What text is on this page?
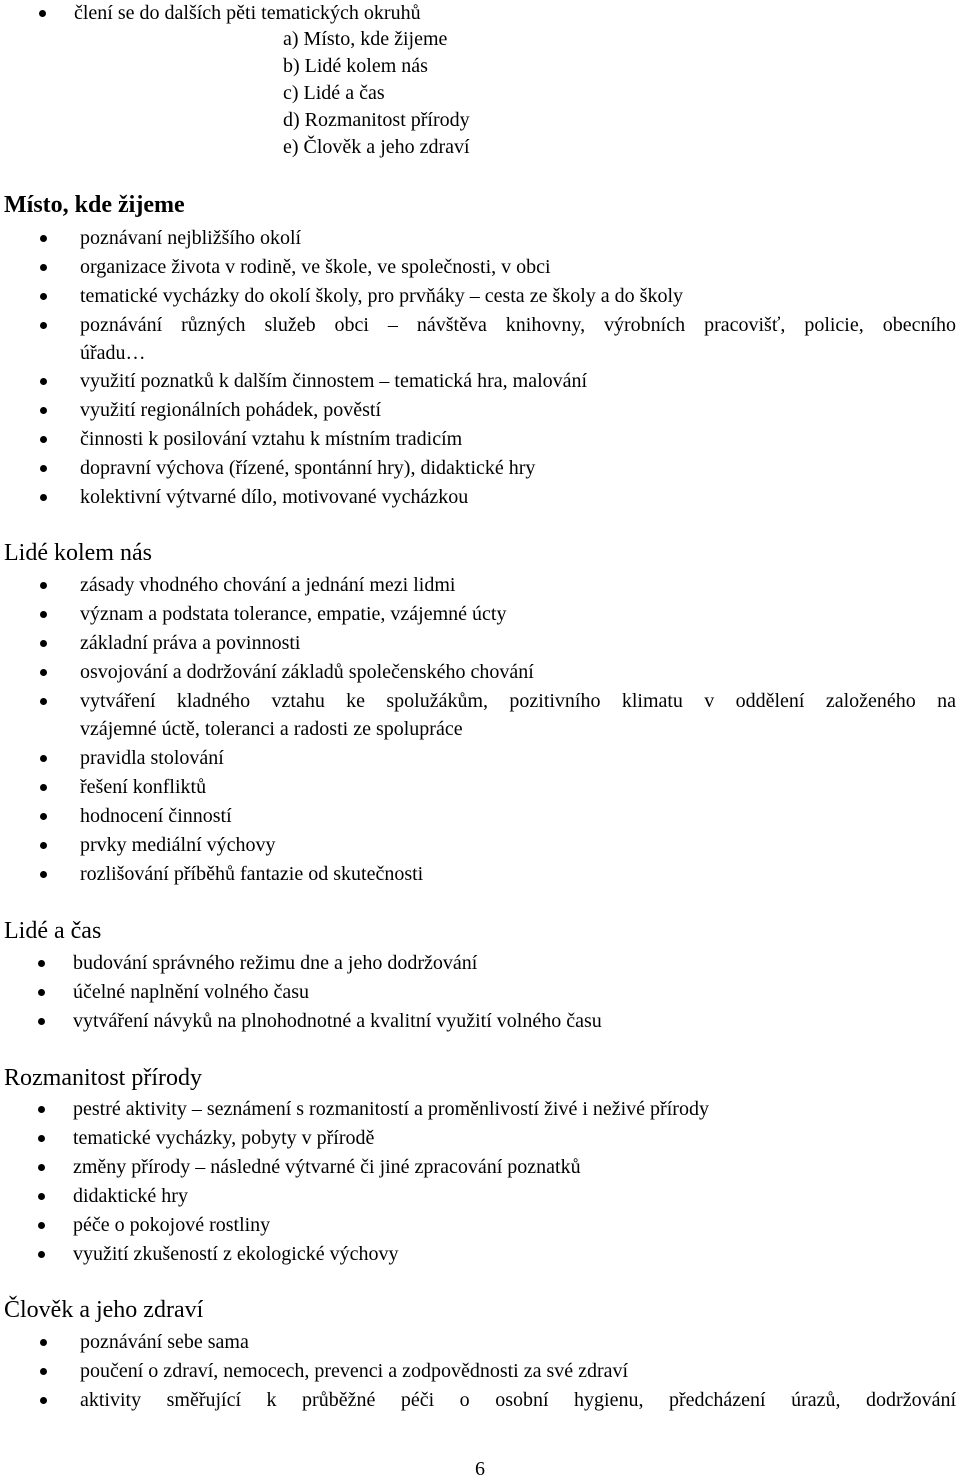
člení se do dalších pěti tematických okruhů
a) Místo, kde žijeme
b) Lidé kolem nás
c) Lidé a čas
d) Rozmanitost přírody
e) Člověk a jeho zdraví
Místo, kde žijeme
poznávaní nejbližšího okolí
organizace života v rodině, ve škole, ve společnosti, v obci
tematické vycházky do okolí školy, pro prvňáky – cesta ze školy a do školy
poznávání různých služeb obci – návštěva knihovny, výrobních pracovišť, policie, obecního
úřadu…
využití poznatků k dalším činnostem – tematická hra, malování
využití regionálních pohádek, pověstí
činnosti k posilování vztahu k místním tradicím
dopravní výchova (řízené, spontánní hry), didaktické hry
kolektivní výtvarné dílo, motivované vycházkou
Lidé kolem nás
zásady vhodného chování a jednání mezi lidmi
význam a podstata tolerance, empatie, vzájemné úcty
základní práva a povinnosti
osvojování a dodržování základů společenského chování
vytváření kladného vztahu ke spolužákům, pozitivního klimatu v oddělení založeného na
vzájemné úctě, toleranci a radosti ze spolupráce
pravidla stolování
řešení konfliktů
hodnocení činností
prvky mediální výchovy
rozlišování příběhů fantazie od skutečnosti
Lidé a čas
budování správného režimu dne a jeho dodržování
účelné naplnění volného času
vytváření návyků na plnohodnotné a kvalitní využití volného času
Rozmanitost přírody
pestré aktivity – seznámení s rozmanitostí a proměnlivostí živé i neživé přírody
tematické vycházky, pobyty v přírodě
změny přírody – následné výtvarné či jiné zpracování poznatků
didaktické hry
péče o pokojové rostliny
využití zkušeností z ekologické výchovy
Člověk a jeho zdraví
poznávání sebe sama
poučení o zdraví, nemocech, prevenci a zodpovědnosti za své zdraví
aktivity směřující k průběžné péči o osobní hygienu, předcházení úrazů, dodržování
6
